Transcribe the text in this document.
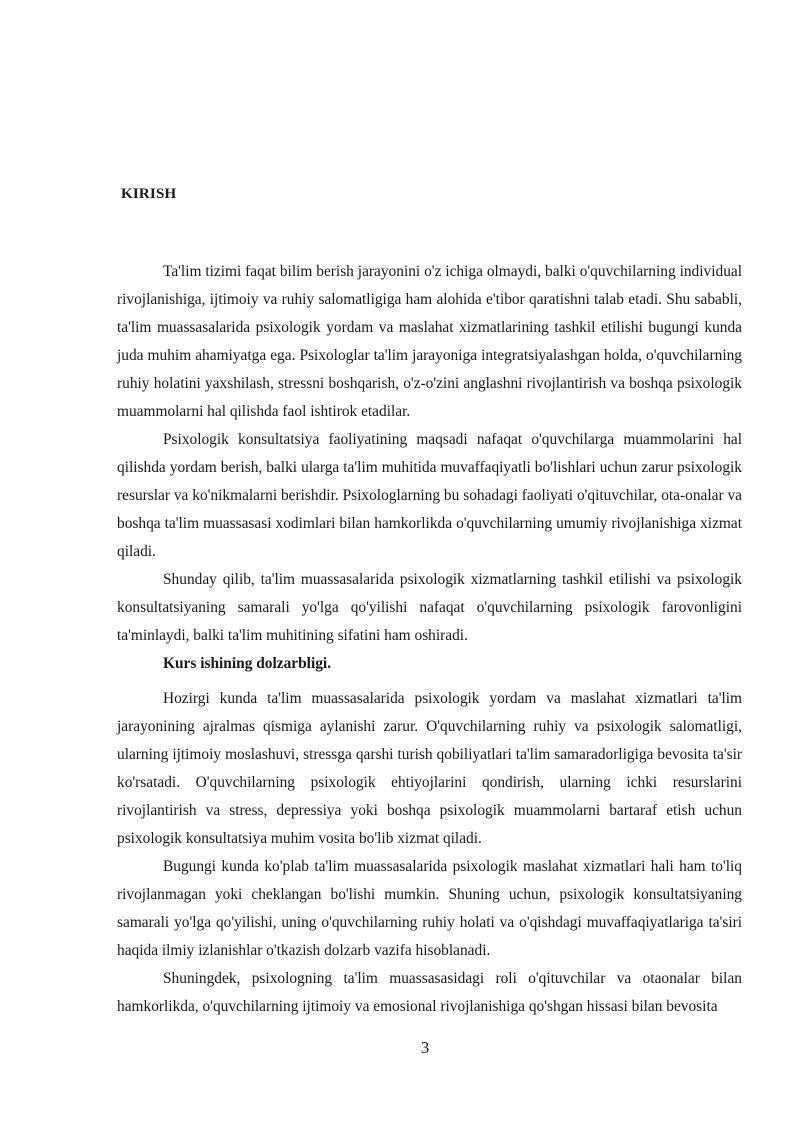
KIRISH

Ta'lim tizimi faqat bilim berish jarayonini o'z ichiga olmaydi, balki o'quvchilarning individual rivojlanishiga, ijtimoiy va ruhiy salomatligiga ham alohida e'tibor qaratishni talab etadi. Shu sababli, ta'lim muassasalarida psixologik yordam va maslahat xizmatlarining tashkil etilishi bugungi kunda juda muhim ahamiyatga ega. Psixologlar ta'lim jarayoniga integratsiyalashgan holda, o'quvchilarning ruhiy holatini yaxshilash, stressni boshqarish, o'z-o'zini anglashni rivojlantirish va boshqa psixologik muammolarni hal qilishda faol ishtirok etadilar.

Psixologik konsultatsiya faoliyatining maqsadi nafaqat o'quvchilarga muammolarini hal qilishda yordam berish, balki ularga ta'lim muhitida muvaffaqiyatli bo'lishlari uchun zarur psixologik resurslar va ko'nikmalarni berishdir. Psixologlarning bu sohadagi faoliyati o'qituvchilar, ota-onalar va boshqa ta'lim muassasasi xodimlari bilan hamkorlikda o'quvchilarning umumiy rivojlanishiga xizmat qiladi.

Shunday qilib, ta'lim muassasalarida psixologik xizmatlarning tashkil etilishi va psixologik konsultatsiyaning samarali yo'lga qo'yilishi nafaqat o'quvchilarning psixologik farovonligini ta'minlaydi, balki ta'lim muhitining sifatini ham oshiradi.

Kurs ishining dolzarbligi.

Hozirgi kunda ta'lim muassasalarida psixologik yordam va maslahat xizmatlari ta'lim jarayonining ajralmas qismiga aylanishi zarur. O'quvchilarning ruhiy va psixologik salomatligi, ularning ijtimoiy moslashuvi, stressga qarshi turish qobiliyatlari ta'lim samaradorligiga bevosita ta'sir ko'rsatadi. O'quvchilarning psixologik ehtiyojlarini qondirish, ularning ichki resurslarini rivojlantirish va stress, depressiya yoki boshqa psixologik muammolarni bartaraf etish uchun psixologik konsultatsiya muhim vosita bo'lib xizmat qiladi.

Bugungi kunda ko'plab ta'lim muassasalarida psixologik maslahat xizmatlari hali ham to'liq rivojlanmagan yoki cheklangan bo'lishi mumkin. Shuning uchun, psixologik konsultatsiyaning samarali yo'lga qo'yilishi, uning o'quvchilarning ruhiy holati va o'qishdagi muvaffaqiyatlariga ta'siri haqida ilmiy izlanishlar o'tkazish dolzarb vazifa hisoblanadi.

Shuningdek, psixologning ta'lim muassasasidagi roli o'qituvchilar va otaonalar bilan hamkorlikda, o'quvchilarning ijtimoiy va emosional rivojlanishiga qo'shgan hissasi bilan bevosita

3
